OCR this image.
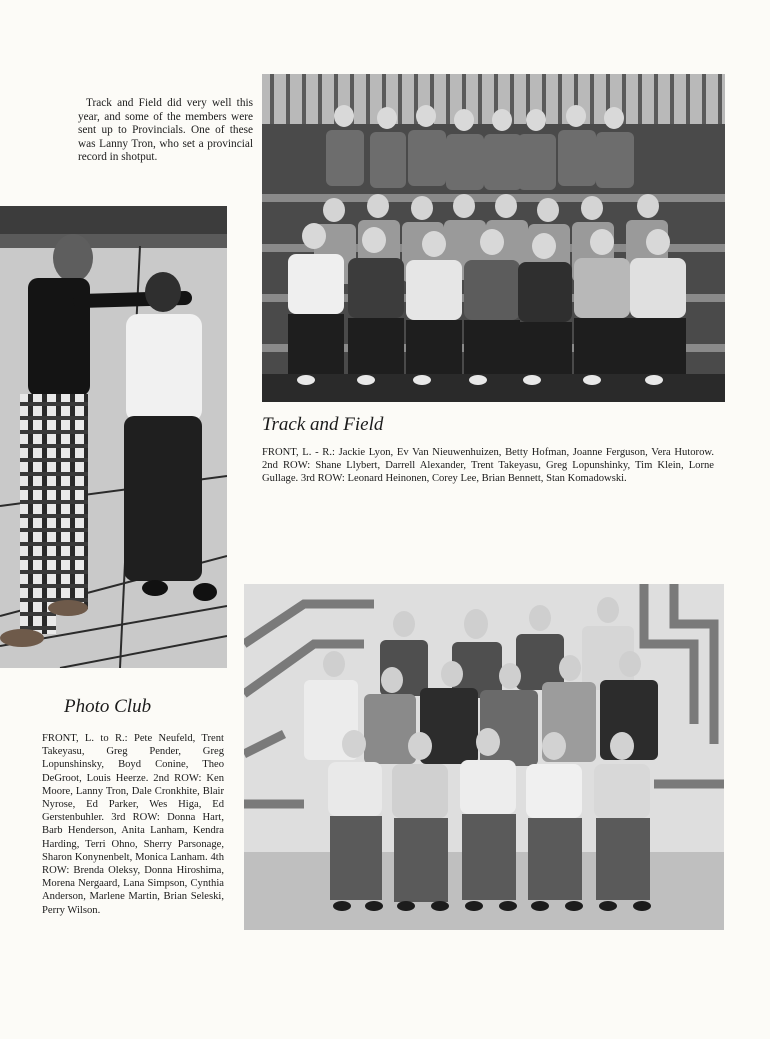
Track and Field did very well this year, and some of the members were sent up to Provincials. One of these was Lanny Tron, who set a provincial record in shotput.

Track and Field
FRONT, L. - R.: Jackie Lyon, Ev Van Nieuwenhuizen, Betty Hofman, Joanne Ferguson, Vera Hutorow. 2nd ROW: Shane Llybert, Darrell Alexander, Trent Takeyasu, Greg Lopunshinky, Tim Klein, Lorne Gullage. 3rd ROW: Leonard Heinonen, Corey Lee, Brian Bennett, Stan Komadowski.
Photo Club
FRONT, L. to R.: Pete Neufeld, Trent Takeyasu, Greg Pender, Greg Lopunshinsky, Boyd Conine, Theo DeGroot, Louis Heerze. 2nd ROW: Ken Moore, Lanny Tron, Dale Cronkhite, Blair Nyrose, Ed Parker, Wes Higa, Ed Gerstenbuhler. 3rd ROW: Donna Hart, Barb Henderson, Anita Lanham, Kendra Harding, Terri Ohno, Sherry Parsonage, Sharon Konynenbelt, Monica Lanham. 4th ROW: Brenda Oleksy, Donna Hiroshima, Morena Nergaard, Lana Simpson, Cynthia Anderson, Marlene Martin, Brian Seleski, Perry Wilson.
